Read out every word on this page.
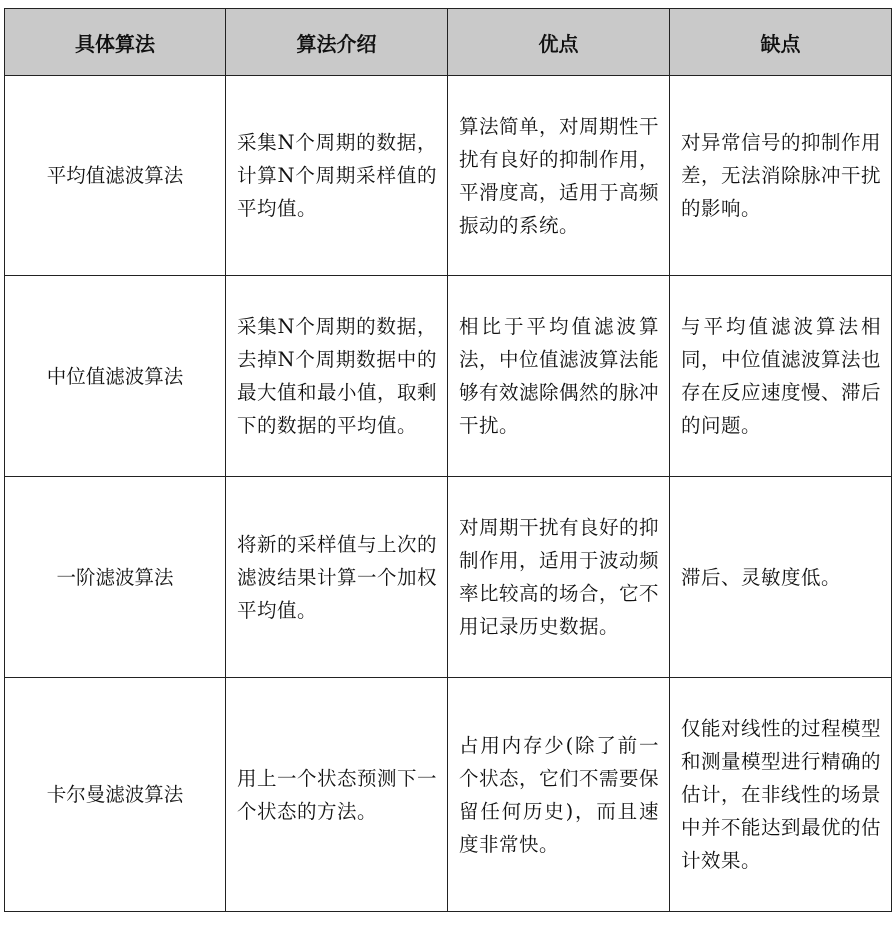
具体算法	算法介绍	优点	缺点
平均值滤波算法	采集N个周期的数据，计算N个周期采样值的平均值。	算法简单，对周期性干扰有良好的抑制作用，平滑度高，适用于高频振动的系统。	对异常信号的抑制作用差，无法消除脉冲干扰的影响。
中位值滤波算法	采集N个周期的数据，去掉N个周期数据中的最大值和最小值，取剩下的数据的平均值。	相比于平均值滤波算法，中位值滤波算法能够有效滤除偶然的脉冲干扰。	与平均值滤波算法相同，中位值滤波算法也存在反应速度慢、滞后的问题。
一阶滤波算法	将新的采样值与上次的滤波结果计算一个加权平均值。	对周期干扰有良好的抑制作用，适用于波动频率比较高的场合，它不用记录历史数据。	滞后、灵敏度低。
卡尔曼滤波算法	用上一个状态预测下一个状态的方法。	占用内存少(除了前一个状态，它们不需要保留任何历史)，而且速度非常快。	仅能对线性的过程模型和测量模型进行精确的估计，在非线性的场景中并不能达到最优的估计效果。
